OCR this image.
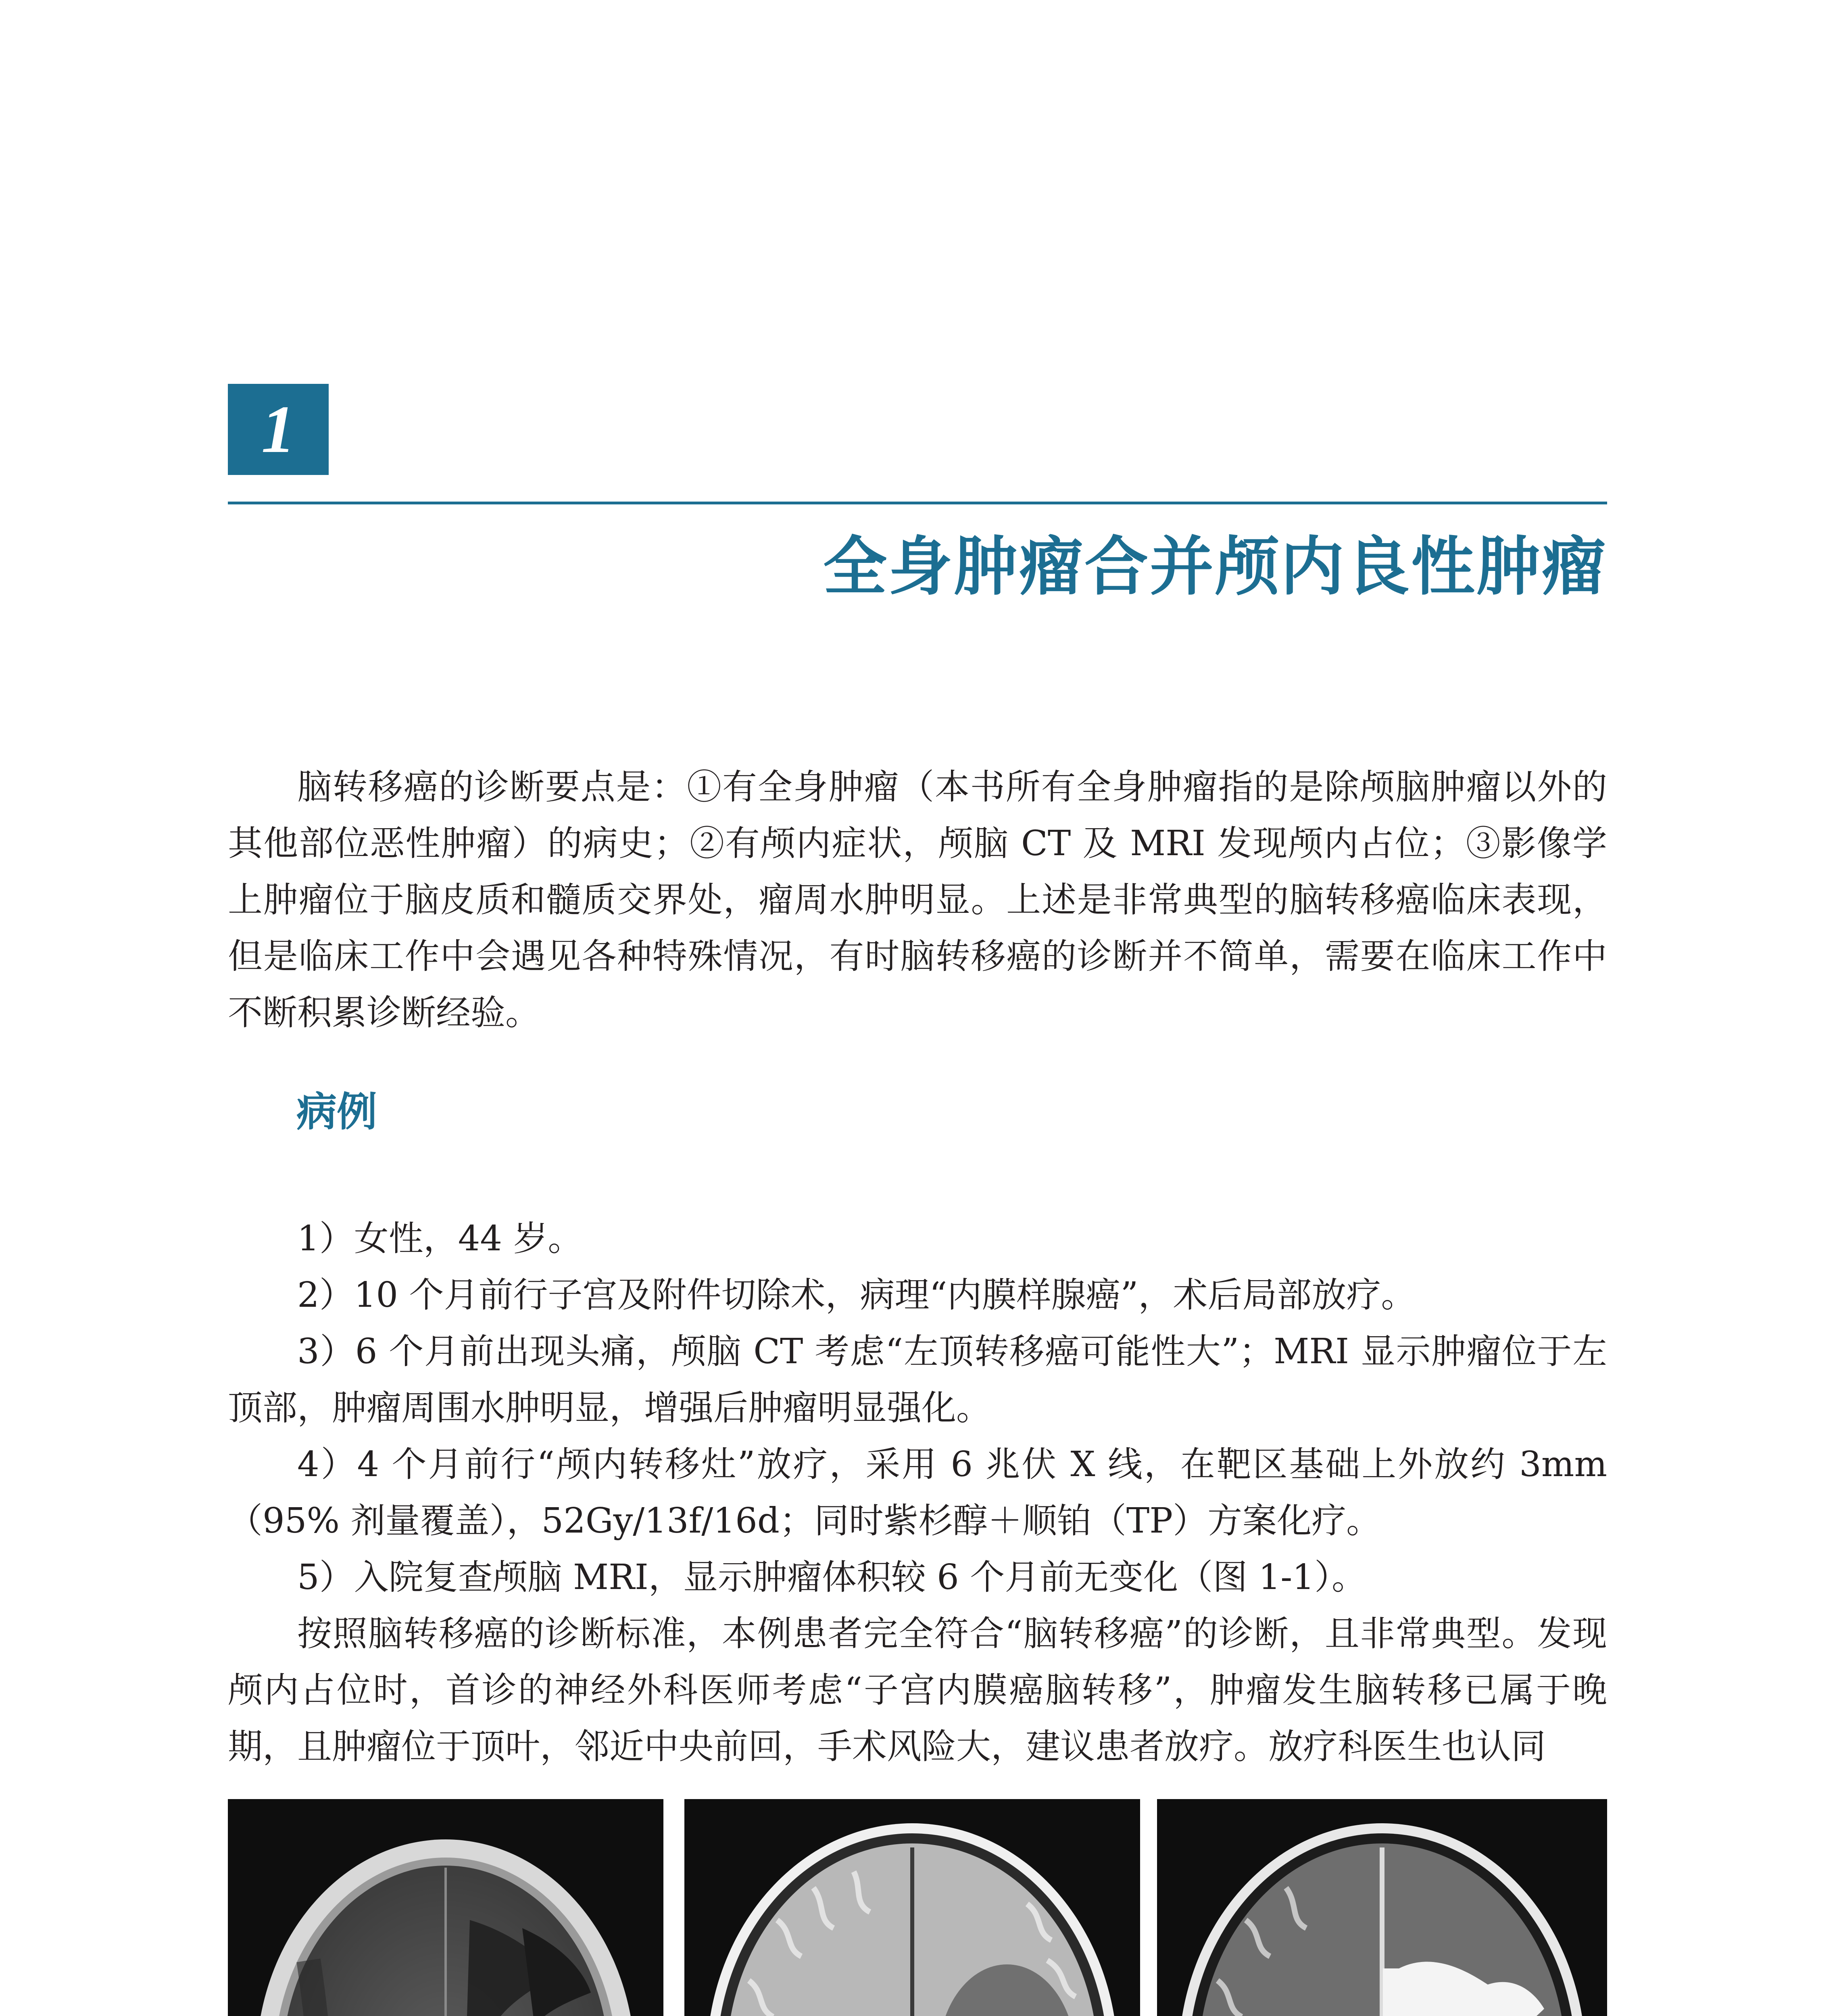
1
全身肿瘤合并颅内良性肿瘤

脑转移癌的诊断要点是：①有全身肿瘤（本书所有全身肿瘤指的是除颅脑肿瘤以外的其他部位恶性肿瘤）的病史；②有颅内症状，颅脑 CT 及 MRI 发现颅内占位；③影像学上肿瘤位于脑皮质和髓质交界处，瘤周水肿明显。上述是非常典型的脑转移癌临床表现，但是临床工作中会遇见各种特殊情况，有时脑转移癌的诊断并不简单，需要在临床工作中不断积累诊断经验。

病例

1）女性，44 岁。

2）10 个月前行子宫及附件切除术，病理“内膜样腺癌”，术后局部放疗。

3）6 个月前出现头痛，颅脑 CT 考虑“左顶转移癌可能性大”；MRI 显示肿瘤位于左顶部，肿瘤周围水肿明显，增强后肿瘤明显强化。

4）4 个月前行“颅内转移灶”放疗，采用 6 兆伏 X 线，在靶区基础上外放约 3mm（95% 剂量覆盖），52Gy/13f/16d；同时紫杉醇＋顺铂（TP）方案化疗。

5）入院复查颅脑 MRI，显示肿瘤体积较 6 个月前无变化（图 1-1）。

按照脑转移癌的诊断标准，本例患者完全符合“脑转移癌”的诊断，且非常典型。发现颅内占位时，首诊的神经外科医师考虑“子宫内膜癌脑转移”，肿瘤发生脑转移已属于晚期，且肿瘤位于顶叶，邻近中央前回，手术风险大，建议患者放疗。放疗科医生也认同
